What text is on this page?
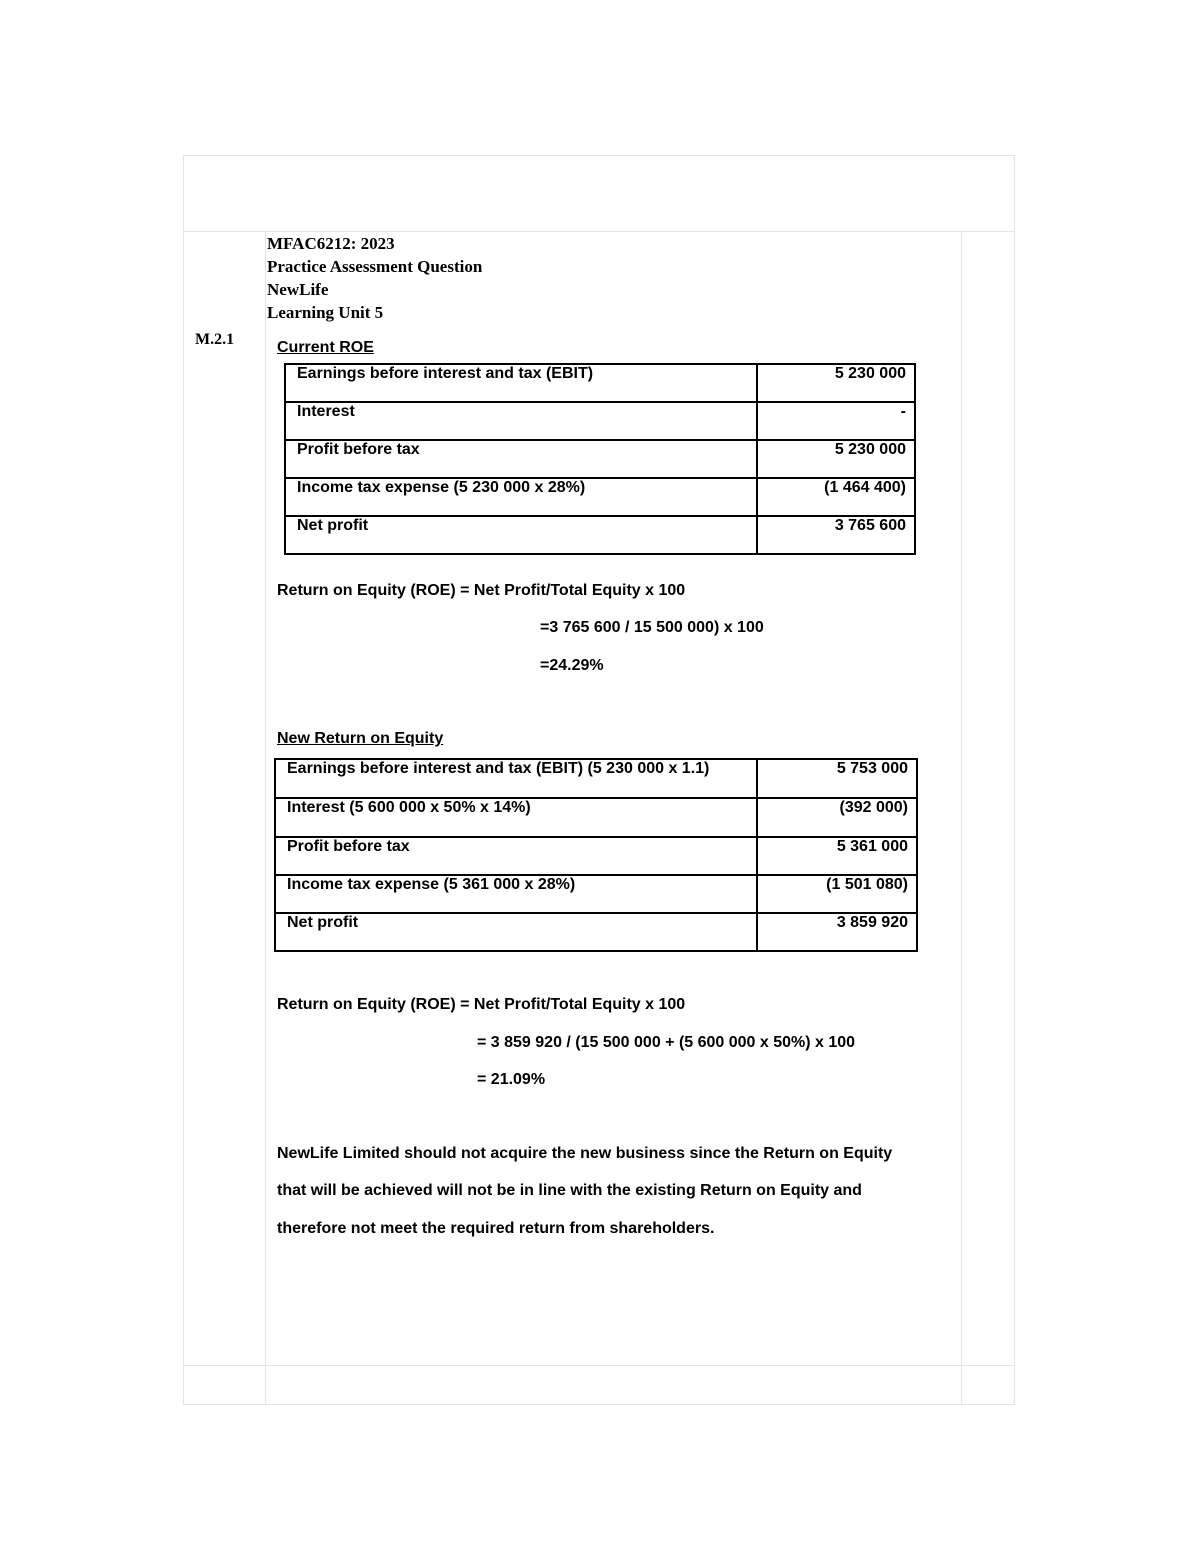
MFAC6212: 2023
Practice Assessment Question
NewLife
Learning Unit 5
M.2.1	Current ROE
Earnings before interest and tax (EBIT)	5 230 000
Interest	-
Profit before tax	5 230 000
Income tax expense (5 230 000 x 28%)	(1 464 400)
Net profit	3 765 600
Return on Equity (ROE) = Net Profit/Total Equity x 100
=3 765 600 / 15 500 000) x 100
=24.29%
New Return on Equity
Earnings before interest and tax (EBIT) (5 230 000 x 1.1)	5 753 000
Interest (5 600 000 x 50% x 14%)	(392 000)
Profit before tax	5 361 000
Income tax expense (5 361 000 x 28%)	(1 501 080)
Net profit	3 859 920
Return on Equity (ROE) = Net Profit/Total Equity x 100
= 3 859 920 / (15 500 000 + (5 600 000 x 50%) x 100
= 21.09%
NewLife Limited should not acquire the new business since the Return on Equity
that will be achieved will not be in line with the existing Return on Equity and
therefore not meet the required return from shareholders.
